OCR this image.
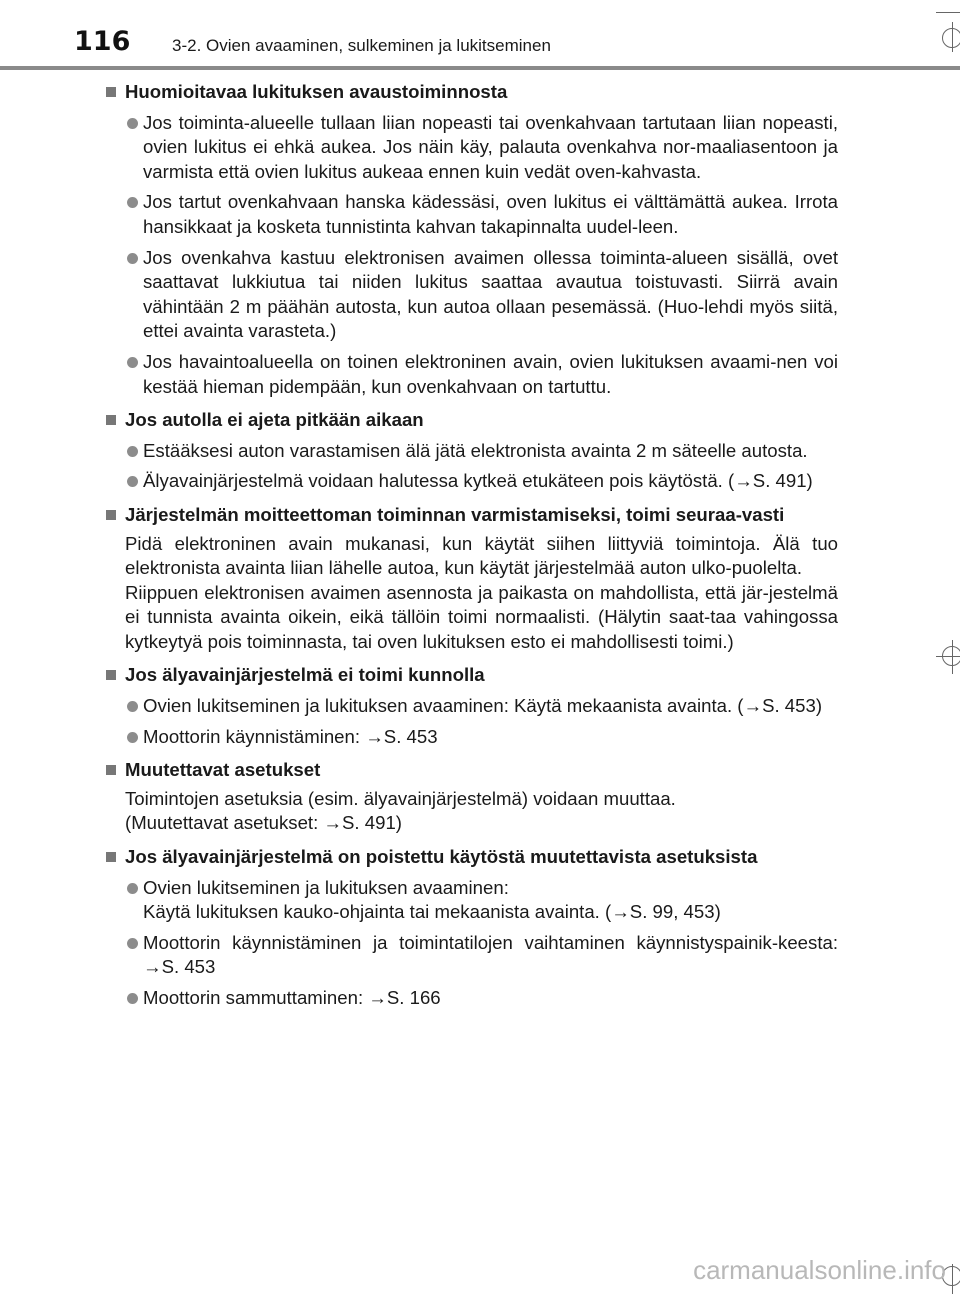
116 3-2. Ovien avaaminen, sulkeminen ja lukitseminen
Huomioitavaa lukituksen avaustoiminnosta
Jos toiminta-alueelle tullaan liian nopeasti tai ovenkahvaan tartutaan liian nopeasti, ovien lukitus ei ehkä aukea. Jos näin käy, palauta ovenkahva nor-maaliasentoon ja varmista että ovien lukitus aukeaa ennen kuin vedät oven-kahvasta.
Jos tartut ovenkahvaan hanska kädessäsi, oven lukitus ei välttämättä aukea. Irrota hansikkaat ja kosketa tunnistinta kahvan takapinnalta uudel-leen.
Jos ovenkahva kastuu elektronisen avaimen ollessa toiminta-alueen sisällä, ovet saattavat lukkiutua tai niiden lukitus saattaa avautua toistuvasti. Siirrä avain vähintään 2 m päähän autosta, kun autoa ollaan pesemässä. (Huo-lehdi myös siitä, ettei avainta varasteta.)
Jos havaintoalueella on toinen elektroninen avain, ovien lukituksen avaami-nen voi kestää hieman pidempään, kun ovenkahvaan on tartuttu.
Jos autolla ei ajeta pitkään aikaan
Estääksesi auton varastamisen älä jätä elektronista avainta 2 m säteelle autosta.
Älyavainjärjestelmä voidaan halutessa kytkeä etukäteen pois käytöstä. (→S. 491)
Järjestelmän moitteettoman toiminnan varmistamiseksi, toimi seuraa-vasti
Pidä elektroninen avain mukanasi, kun käytät siihen liittyviä toimintoja. Älä tuo elektronista avainta liian lähelle autoa, kun käytät järjestelmää auton ulko-puolelta.
Riippuen elektronisen avaimen asennosta ja paikasta on mahdollista, että jär-jestelmä ei tunnista avainta oikein, eikä tällöin toimi normaalisti. (Hälytin saat-taa vahingossa kytkeytyä pois toiminnasta, tai oven lukituksen esto ei mahdollisesti toimi.)
Jos älyavainjärjestelmä ei toimi kunnolla
Ovien lukitseminen ja lukituksen avaaminen: Käytä mekaanista avainta. (→S. 453)
Moottorin käynnistäminen: →S. 453
Muutettavat asetukset
Toimintojen asetuksia (esim. älyavainjärjestelmä) voidaan muuttaa.
(Muutettavat asetukset: →S. 491)
Jos älyavainjärjestelmä on poistettu käytöstä muutettavista asetuksista
Ovien lukitseminen ja lukituksen avaaminen:
Käytä lukituksen kauko-ohjainta tai mekaanista avainta. (→S. 99, 453)
Moottorin käynnistäminen ja toimintatilojen vaihtaminen käynnistyspainik-keesta: →S. 453
Moottorin sammuttaminen: →S. 166
carmanualsonline.info
